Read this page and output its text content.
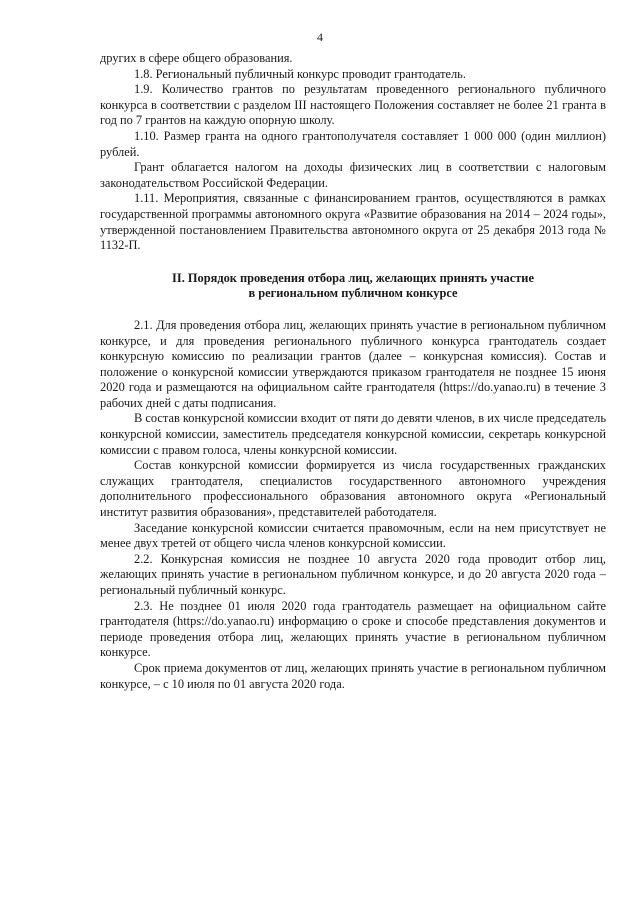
4

других в сфере общего образования.

1.8. Региональный публичный конкурс проводит грантодатель.

1.9. Количество грантов по результатам проведенного регионального публичного конкурса в соответствии с разделом III настоящего Положения составляет не более 21 гранта в год по 7 грантов на каждую опорную школу.

1.10. Размер гранта на одного грантополучателя составляет 1 000 000 (один миллион) рублей.

Грант облагается налогом на доходы физических лиц в соответствии с налоговым законодательством Российской Федерации.

1.11. Мероприятия, связанные с финансированием грантов, осуществляются в рамках государственной программы автономного округа «Развитие образования на 2014 – 2024 годы», утвержденной постановлением Правительства автономного округа от 25 декабря 2013 года № 1132-П.

II. Порядок проведения отбора лиц, желающих принять участие
в региональном публичном конкурсе

2.1. Для проведения отбора лиц, желающих принять участие в региональном публичном конкурсе, и для проведения регионального публичного конкурса грантодатель создает конкурсную комиссию по реализации грантов (далее – конкурсная комиссия). Состав и положение о конкурсной комиссии утверждаются приказом грантодателя не позднее 15 июня 2020 года и размещаются на официальном сайте грантодателя (https://do.yanao.ru) в течение 3 рабочих дней с даты подписания.

В состав конкурсной комиссии входит от пяти до девяти членов, в их числе председатель конкурсной комиссии, заместитель председателя конкурсной комиссии, секретарь конкурсной комиссии с правом голоса, члены конкурсной комиссии.

Состав конкурсной комиссии формируется из числа государственных гражданских служащих грантодателя, специалистов государственного автономного учреждения дополнительного профессионального образования автономного округа «Региональный институт развития образования», представителей работодателя.

Заседание конкурсной комиссии считается правомочным, если на нем присутствует не менее двух третей от общего числа членов конкурсной комиссии.

2.2. Конкурсная комиссия не позднее 10 августа 2020 года проводит отбор лиц, желающих принять участие в региональном публичном конкурсе, и до 20 августа 2020 года – региональный публичный конкурс.

2.3. Не позднее 01 июля 2020 года грантодатель размещает на официальном сайте грантодателя (https://do.yanao.ru) информацию о сроке и способе представления документов и периоде проведения отбора лиц, желающих принять участие в региональном публичном конкурсе.

Срок приема документов от лиц, желающих принять участие в региональном публичном конкурсе, – с 10 июля по 01 августа 2020 года.
